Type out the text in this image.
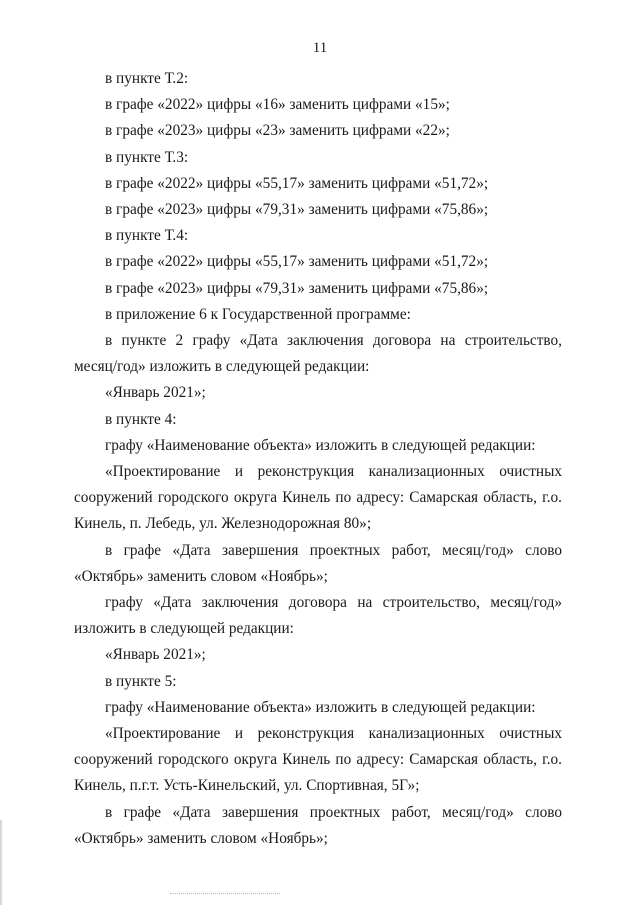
11

в пункте Т.2:

в графе «2022» цифры «16» заменить цифрами «15»;

в графе «2023» цифры «23» заменить цифрами «22»;

в пункте Т.3:

в графе «2022» цифры «55,17» заменить цифрами «51,72»;

в графе «2023» цифры «79,31» заменить цифрами «75,86»;

в пункте Т.4:

в графе «2022» цифры «55,17» заменить цифрами «51,72»;

в графе «2023» цифры «79,31» заменить цифрами «75,86»;

в приложение 6 к Государственной программе:

в пункте 2 графу «Дата заключения договора на строительство, месяц/год» изложить в следующей редакции:

«Январь 2021»;

в пункте 4:

графу «Наименование объекта» изложить в следующей редакции:

«Проектирование и реконструкция канализационных очистных сооружений городского округа Кинель по адресу: Самарская область, г.о. Кинель, п. Лебедь, ул. Железнодорожная 80»;

в графе «Дата завершения проектных работ, месяц/год» слово «Октябрь» заменить словом «Ноябрь»;

графу «Дата заключения договора на строительство, месяц/год» изложить в следующей редакции:

«Январь 2021»;

в пункте 5:

графу «Наименование объекта» изложить в следующей редакции:

«Проектирование и реконструкция канализационных очистных сооружений городского округа Кинель по адресу: Самарская область, г.о. Кинель, п.г.т. Усть-Кинельский, ул. Спортивная, 5Г»;

в графе «Дата завершения проектных работ, месяц/год» слово «Октябрь» заменить словом «Ноябрь»;
